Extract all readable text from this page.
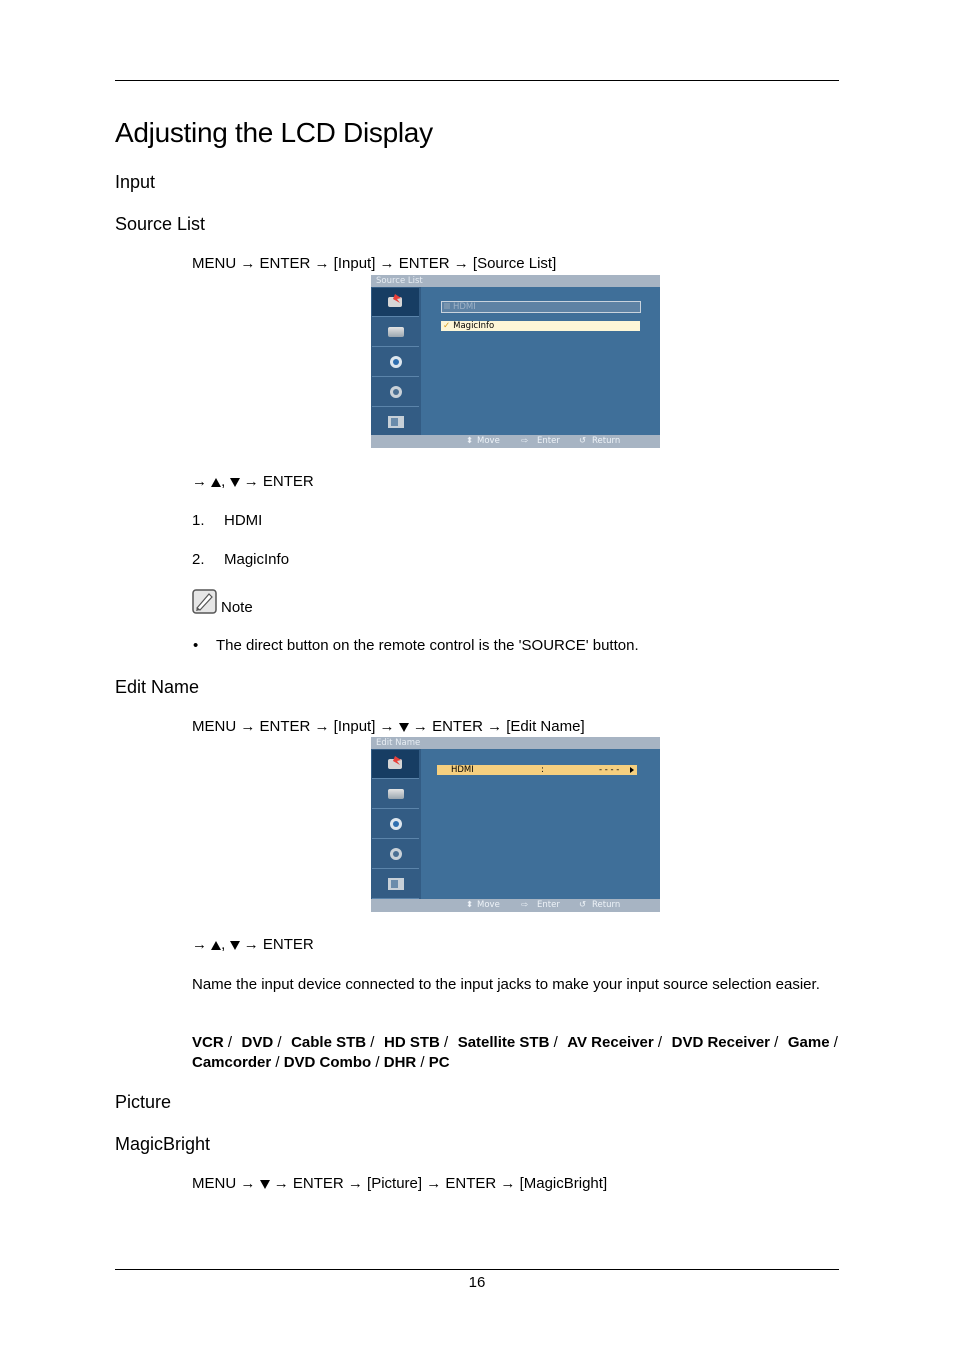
Adjusting the LCD Display
Input
Source List
MENU → ENTER → [Input] → ENTER → [Source List]
Source List
HDMI
✓ MagicInfo
⬍ Move ⇨ Enter ↺ Return
→ , → ENTER
1. HDMI
2. MagicInfo
Note
• The direct button on the remote control is the 'SOURCE' button.
Edit Name
MENU → ENTER → [Input] → → ENTER → [Edit Name]
Edit Name
HDMI	:	- - - -
⬍ Move ⇨ Enter ↺ Return
→ , → ENTER
Name the input device connected to the input jacks to make your input source selection easier.
VCR / DVD / Cable STB / HD STB / Satellite STB / AV Receiver / DVD Receiver / Game /
Camcorder / DVD Combo / DHR / PC
Picture
MagicBright
MENU → → ENTER → [Picture] → ENTER → [MagicBright]
16
